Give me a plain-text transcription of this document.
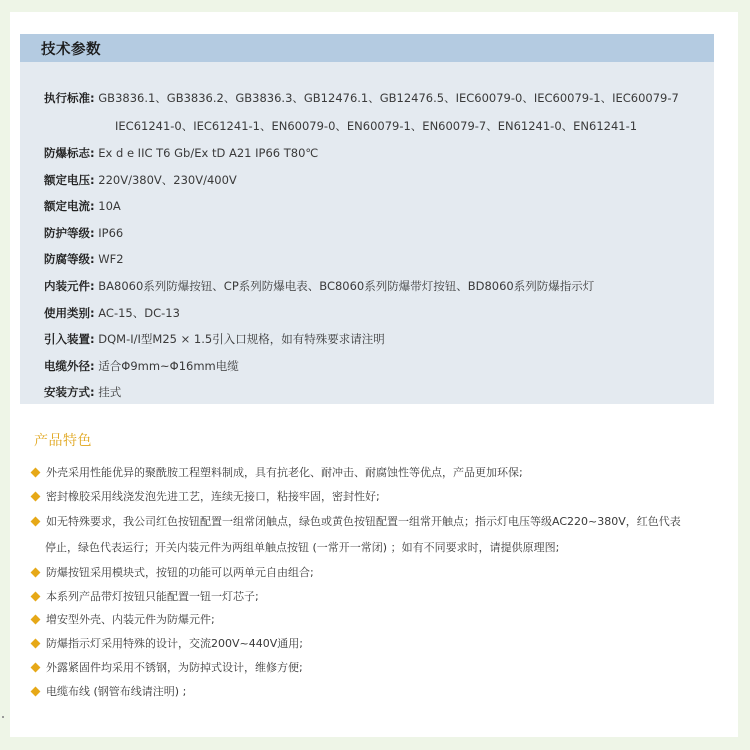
技术参数
执行标准: GB3836.1、GB3836.2、GB3836.3、GB12476.1、GB12476.5、IEC60079-0、IEC60079-1、IEC60079-7
IEC61241-0、IEC61241-1、EN60079-0、EN60079-1、EN60079-7、EN61241-0、EN61241-1
防爆标志: Ex d e IIC T6 Gb/Ex tD A21 IP66 T80℃
额定电压: 220V/380V、230V/400V
额定电流: 10A
防护等级: IP66
防腐等级: WF2
内装元件: BA8060系列防爆按钮、CP系列防爆电表、BC8060系列防爆带灯按钮、BD8060系列防爆指示灯
使用类别: AC-15、DC-13
引入装置: DQM-I/I型M25 × 1.5引入口规格，如有特殊要求请注明
电缆外径: 适合Φ9mm~Φ16mm电缆
安装方式: 挂式
产品特色
外壳采用性能优异的聚酰胺工程塑料制成，具有抗老化、耐冲击、耐腐蚀性等优点，产品更加环保;
密封橡胶采用线浇发泡先进工艺，连续无接口，粘接牢固，密封性好;
如无特殊要求，我公司红色按钮配置一组常闭触点，绿色或黄色按钮配置一组常开触点；指示灯电压等级AC220~380V，红色代表
停止，绿色代表运行；开关内装元件为两组单触点按钮 (一常开一常闭) ；如有不同要求时，请提供原理图;
防爆按钮采用模块式，按钮的功能可以两单元自由组合;
本系列产品带灯按钮只能配置一钮一灯芯子;
增安型外壳、内装元件为防爆元件;
防爆指示灯采用特殊的设计，交流200V~440V通用;
外露紧固件均采用不锈钢，为防掉式设计，维修方便;
电缆布线 (钢管布线请注明) ;
